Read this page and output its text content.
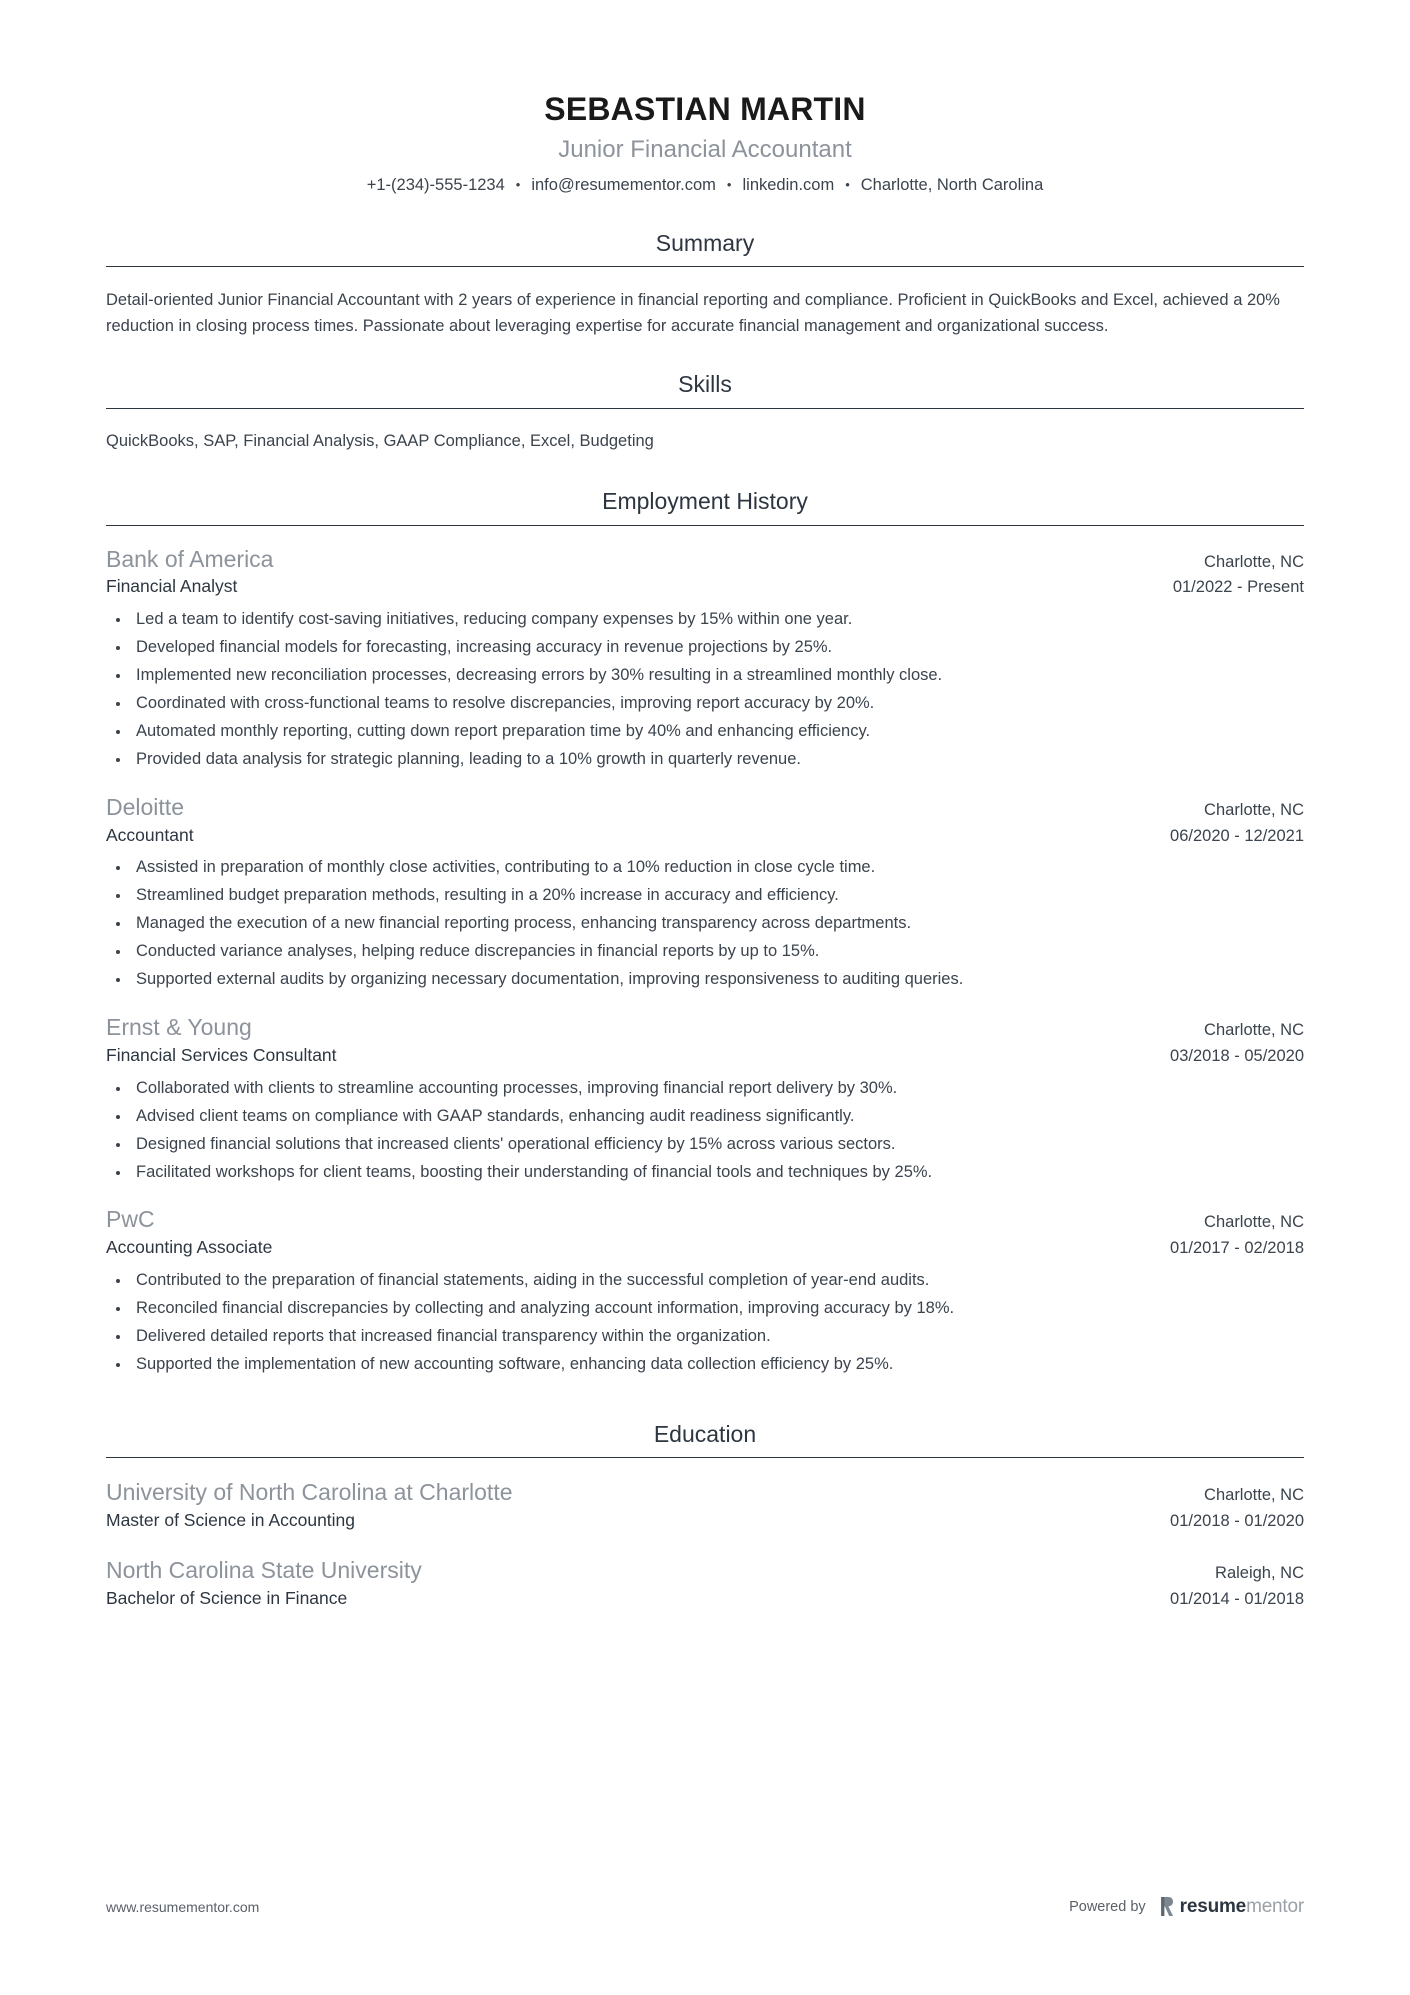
SEBASTIAN MARTIN
Junior Financial Accountant
+1-(234)-555-1234 • info@resumementor.com • linkedin.com • Charlotte, North Carolina
Summary

Detail-oriented Junior Financial Accountant with 2 years of experience in financial reporting and compliance. Proficient in QuickBooks and Excel, achieved a 20% reduction in closing process times. Passionate about leveraging expertise for accurate financial management and organizational success.

Skills

QuickBooks, SAP, Financial Analysis, GAAP Compliance, Excel, Budgeting

Employment History
Bank of America	Charlotte, NC
Financial Analyst	01/2022 - Present
Led a team to identify cost-saving initiatives, reducing company expenses by 15% within one year.
Developed financial models for forecasting, increasing accuracy in revenue projections by 25%.
Implemented new reconciliation processes, decreasing errors by 30% resulting in a streamlined monthly close.
Coordinated with cross-functional teams to resolve discrepancies, improving report accuracy by 20%.
Automated monthly reporting, cutting down report preparation time by 40% and enhancing efficiency.
Provided data analysis for strategic planning, leading to a 10% growth in quarterly revenue.
Deloitte	Charlotte, NC
Accountant	06/2020 - 12/2021
Assisted in preparation of monthly close activities, contributing to a 10% reduction in close cycle time.
Streamlined budget preparation methods, resulting in a 20% increase in accuracy and efficiency.
Managed the execution of a new financial reporting process, enhancing transparency across departments.
Conducted variance analyses, helping reduce discrepancies in financial reports by up to 15%.
Supported external audits by organizing necessary documentation, improving responsiveness to auditing queries.
Ernst & Young	Charlotte, NC
Financial Services Consultant	03/2018 - 05/2020
Collaborated with clients to streamline accounting processes, improving financial report delivery by 30%.
Advised client teams on compliance with GAAP standards, enhancing audit readiness significantly.
Designed financial solutions that increased clients' operational efficiency by 15% across various sectors.
Facilitated workshops for client teams, boosting their understanding of financial tools and techniques by 25%.
PwC	Charlotte, NC
Accounting Associate	01/2017 - 02/2018
Contributed to the preparation of financial statements, aiding in the successful completion of year-end audits.
Reconciled financial discrepancies by collecting and analyzing account information, improving accuracy by 18%.
Delivered detailed reports that increased financial transparency within the organization.
Supported the implementation of new accounting software, enhancing data collection efficiency by 25%.
Education
University of North Carolina at Charlotte	Charlotte, NC
Master of Science in Accounting	01/2018 - 01/2020
North Carolina State University	Raleigh, NC
Bachelor of Science in Finance	01/2014 - 01/2018
www.resumementor.com	Powered by resumementor
